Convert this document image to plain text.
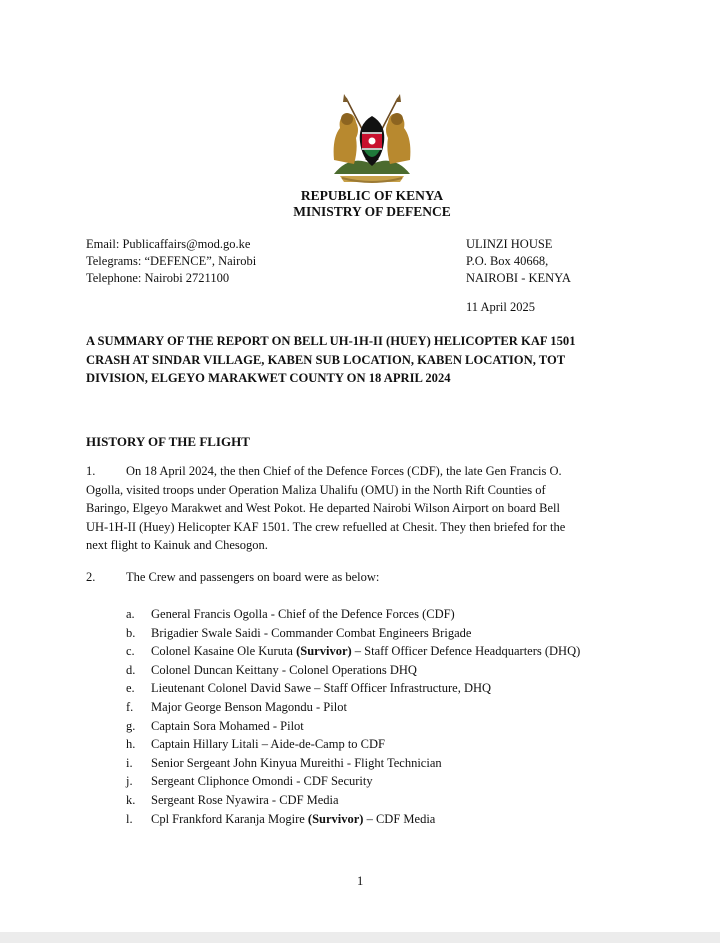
REPUBLIC OF KENYA
MINISTRY OF DEFENCE
Email: Publicaffairs@mod.go.ke
Telegrams: “DEFENCE”, Nairobi
Telephone: Nairobi 2721100
ULINZI HOUSE
P.O. Box 40668,
NAIROBI - KENYA
11 April 2025
A SUMMARY OF THE REPORT ON BELL UH-1H-II (HUEY) HELICOPTER KAF 1501
CRASH AT SINDAR VILLAGE, KABEN SUB LOCATION, KABEN LOCATION, TOT
DIVISION, ELGEYO MARAKWET COUNTY ON 18 APRIL 2024
HISTORY OF THE FLIGHT
1. On 18 April 2024, the then Chief of the Defence Forces (CDF), the late Gen Francis O.
Ogolla, visited troops under Operation Maliza Uhalifu (OMU) in the North Rift Counties of
Baringo, Elgeyo Marakwet and West Pokot. He departed Nairobi Wilson Airport on board Bell
UH-1H-II (Huey) Helicopter KAF 1501. The crew refuelled at Chesit. They then briefed for the
next flight to Kainuk and Chesogon.
2. The Crew and passengers on board were as below:
a. General Francis Ogolla - Chief of the Defence Forces (CDF)
b. Brigadier Swale Saidi - Commander Combat Engineers Brigade
c. Colonel Kasaine Ole Kuruta (Survivor) – Staff Officer Defence Headquarters (DHQ)
d. Colonel Duncan Keittany - Colonel Operations DHQ
e. Lieutenant Colonel David Sawe – Staff Officer Infrastructure, DHQ
f. Major George Benson Magondu - Pilot
g. Captain Sora Mohamed - Pilot
h. Captain Hillary Litali – Aide-de-Camp to CDF
i. Senior Sergeant John Kinyua Mureithi - Flight Technician
j. Sergeant Cliphonce Omondi - CDF Security
k. Sergeant Rose Nyawira - CDF Media
l. Cpl Frankford Karanja Mogire (Survivor) – CDF Media
1
